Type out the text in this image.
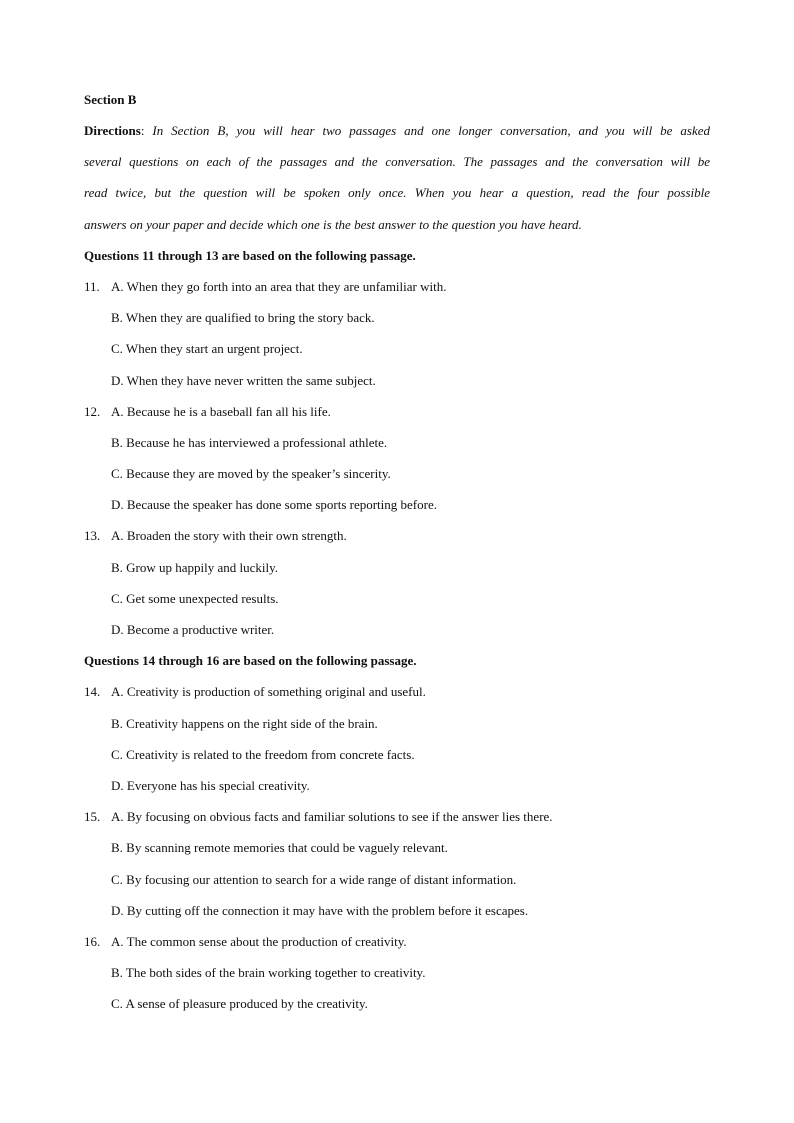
Section B
Directions: In Section B, you will hear two passages and one longer conversation, and you will be asked
several questions on each of the passages and the conversation. The passages and the conversation will be
read twice, but the question will be spoken only once. When you hear a question, read the four possible
answers on your paper and decide which one is the best answer to the question you have heard.
Questions 11 through 13 are based on the following passage.
11. A. When they go forth into an area that they are unfamiliar with.
B. When they are qualified to bring the story back.
C. When they start an urgent project.
D. When they have never written the same subject.
12. A. Because he is a baseball fan all his life.
B. Because he has interviewed a professional athlete.
C. Because they are moved by the speaker’s sincerity.
D. Because the speaker has done some sports reporting before.
13. A. Broaden the story with their own strength.
B. Grow up happily and luckily.
C. Get some unexpected results.
D. Become a productive writer.
Questions 14 through 16 are based on the following passage.
14. A. Creativity is production of something original and useful.
B. Creativity happens on the right side of the brain.
C. Creativity is related to the freedom from concrete facts.
D. Everyone has his special creativity.
15. A. By focusing on obvious facts and familiar solutions to see if the answer lies there.
B. By scanning remote memories that could be vaguely relevant.
C. By focusing our attention to search for a wide range of distant information.
D. By cutting off the connection it may have with the problem before it escapes.
16. A. The common sense about the production of creativity.
B. The both sides of the brain working together to creativity.
C. A sense of pleasure produced by the creativity.
